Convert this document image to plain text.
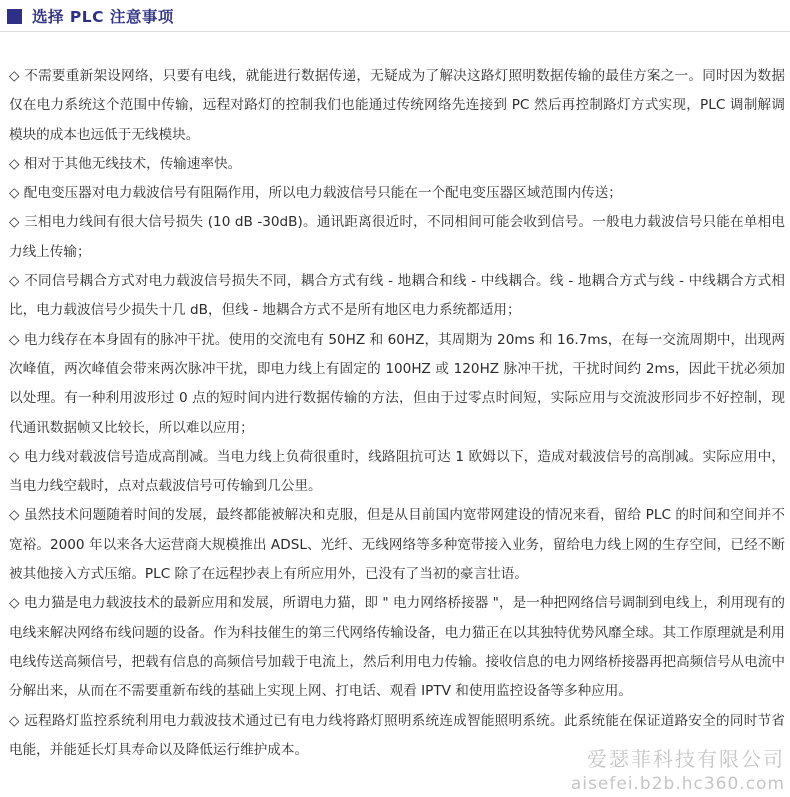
选择 PLC 注意事项

◇ 不需要重新架设网络，只要有电线，就能进行数据传递，无疑成为了解决这路灯照明数据传输的最佳方案之一。同时因为数据仅在电力系统这个范围中传输，远程对路灯的控制我们也能通过传统网络先连接到 PC 然后再控制路灯方式实现，PLC 调制解调模块的成本也远低于无线模块。

◇ 相对于其他无线技术，传输速率快。

◇ 配电变压器对电力载波信号有阻隔作用，所以电力载波信号只能在一个配电变压器区域范围内传送；

◇ 三相电力线间有很大信号损失 (10 dB -30dB)。通讯距离很近时，不同相间可能会收到信号。一般电力载波信号只能在单相电力线上传输；

◇ 不同信号耦合方式对电力载波信号损失不同，耦合方式有线 - 地耦合和线 - 中线耦合。线 - 地耦合方式与线 - 中线耦合方式相比，电力载波信号少损失十几 dB，但线 - 地耦合方式不是所有地区电力系统都适用；

◇ 电力线存在本身固有的脉冲干扰。使用的交流电有 50HZ 和 60HZ，其周期为 20ms 和 16.7ms，在每一交流周期中，出现两次峰值，两次峰值会带来两次脉冲干扰，即电力线上有固定的 100HZ 或 120HZ 脉冲干扰，干扰时间约 2ms，因此干扰必须加以处理。有一种利用波形过 0 点的短时间内进行数据传输的方法，但由于过零点时间短，实际应用与交流波形同步不好控制，现代通讯数据帧又比较长，所以难以应用；

◇ 电力线对载波信号造成高削减。当电力线上负荷很重时，线路阻抗可达 1 欧姆以下，造成对载波信号的高削减。实际应用中，当电力线空载时，点对点载波信号可传输到几公里。

◇ 虽然技术问题随着时间的发展，最终都能被解决和克服，但是从目前国内宽带网建设的情况来看，留给 PLC 的时间和空间并不宽裕。2000 年以来各大运营商大规模推出 ADSL、光纤、无线网络等多种宽带接入业务，留给电力线上网的生存空间，已经不断被其他接入方式压缩。PLC 除了在远程抄表上有所应用外，已没有了当初的豪言壮语。

◇ 电力猫是电力载波技术的最新应用和发展，所谓电力猫，即 " 电力网络桥接器 "，是一种把网络信号调制到电线上，利用现有的电线来解决网络布线问题的设备。作为科技催生的第三代网络传输设备，电力猫正在以其独特优势风靡全球。其工作原理就是利用电线传送高频信号，把载有信息的高频信号加载于电流上，然后利用电力传输。接收信息的电力网络桥接器再把高频信号从电流中分解出来，从而在不需要重新布线的基础上实现上网、打电话、观看 IPTV 和使用监控设备等多种应用。

◇ 远程路灯监控系统利用电力载波技术通过已有电力线将路灯照明系统连成智能照明系统。此系统能在保证道路安全的同时节省电能，并能延长灯具寿命以及降低运行维护成本。	爱瑟菲科技有限公司
aisefei.b2b.hc360.com
